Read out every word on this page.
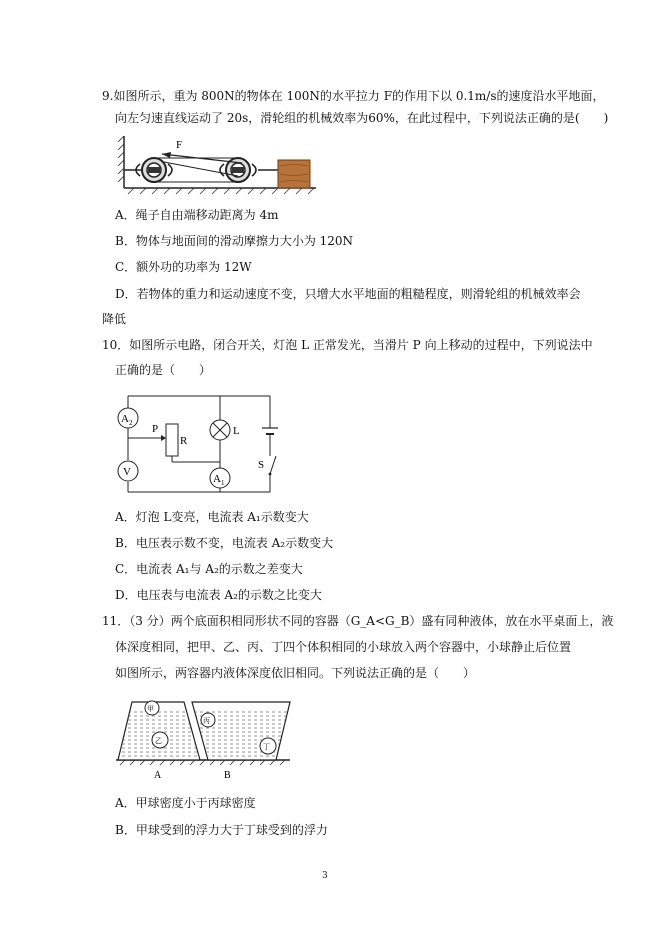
9.如图所示，重为 800N的物体在 100N的水平拉力 F的作用下以 0.1m/s的速度沿水平地面，
向左匀速直线运动了 20s，滑轮组的机械效率为60%，在此过程中，下列说法正确的是(　　)
F
A．绳子自由端移动距离为 4m
B．物体与地面间的滑动摩擦力大小为 120N
C．额外功的功率为 12W
D．若物体的重力和运动速度不变，只增大水平地面的粗糙程度，则滑轮组的机械效率会
降低
10．如图所示电路，闭合开关，灯泡 L 正常发光，当滑片 P 向上移动的过程中，下列说法中
正确的是（　　）
S
A 2
V
P
R
L
A 1
A．灯泡 L变亮，电流表 A₁示数变大
B．电压表示数不变，电流表 A₂示数变大
C．电流表 A₁与 A₂的示数之差变大
D．电压表与电流表 A₂的示数之比变大
11．（3 分）两个底面积相同形状不同的容器（G_A<G_B）盛有同种液体，放在水平桌面上，液
体深度相同，把甲、乙、丙、丁四个体积相同的小球放入两个容器中，小球静止后位置
如图所示，两容器内液体深度依旧相同。下列说法正确的是（　　）
甲
乙
丙
丁
A	B
A．甲球密度小于丙球密度
B．甲球受到的浮力大于丁球受到的浮力
3
